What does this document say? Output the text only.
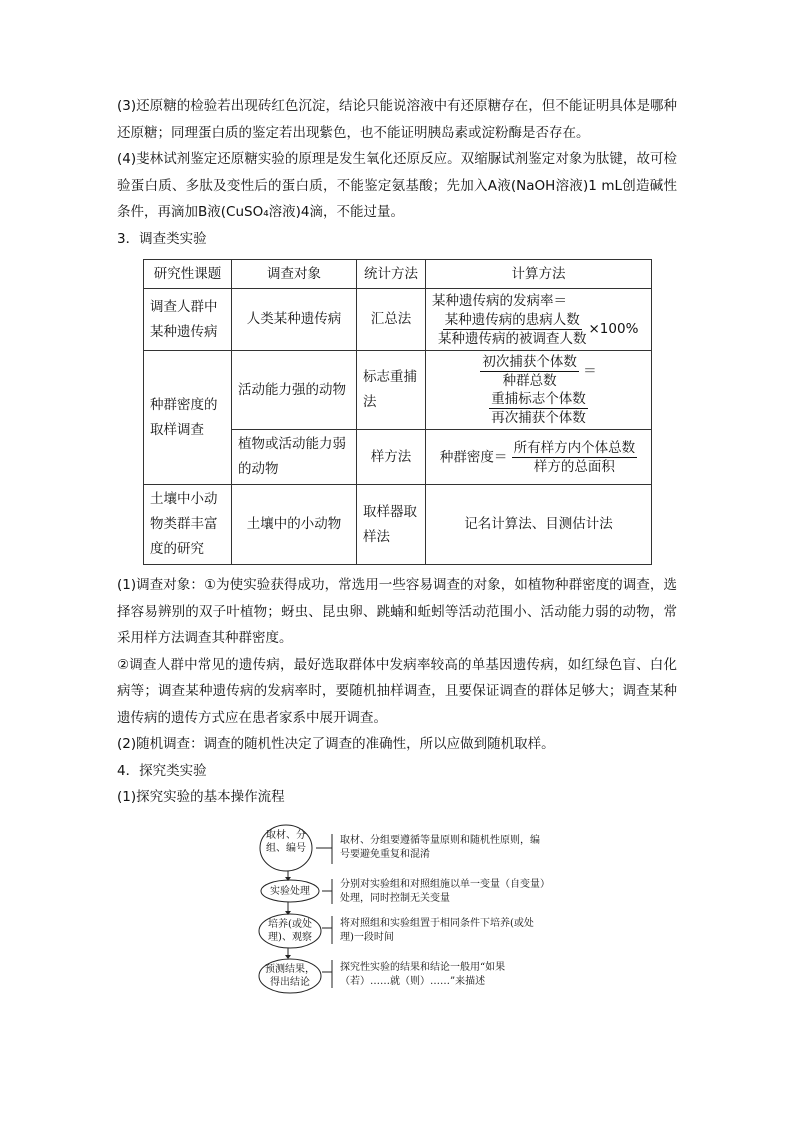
(3)还原糖的检验若出现砖红色沉淀，结论只能说溶液中有还原糖存在，但不能证明具体是哪种还原糖；同理蛋白质的鉴定若出现紫色，也不能证明胰岛素或淀粉酶是否存在。

(4)斐林试剂鉴定还原糖实验的原理是发生氧化还原反应。双缩脲试剂鉴定对象为肽键，故可检验蛋白质、多肽及变性后的蛋白质，不能鉴定氨基酸；先加入A液(NaOH溶液)1 mL创造碱性条件，再滴加B液(CuSO₄溶液)4滴，不能过量。

3．调查类实验

研究性课题	调查对象	统计方法	计算方法
调查人群中某种遗传病	人类某种遗传病	汇总法	某种遗传病的发病率＝
$\frac{\text{某种遗传病的患病人数}}{\text{某种遗传病的被调查人数}} \times 100\%$

种群密度的取样调查	活动能力强的动物	标志重捕法	$\frac{\text{初次捕获个体数}}{\text{种群总数}}$ ＝
$\frac{\text{重捕标志个体数}}{\text{再次捕获个体数}}$

	植物或活动能力弱的动物	样方法	种群密度＝ $\frac{\text{所有样方内个体总数}}{\text{样方的总面积}}$

土壤中小动物类群丰富度的研究	土壤中的小动物	取样器取样法	记名计算法、目测估计法

(1)调查对象：①为使实验获得成功，常选用一些容易调查的对象，如植物种群密度的调查，选择容易辨别的双子叶植物；蚜虫、昆虫卵、跳蝻和蚯蚓等活动范围小、活动能力弱的动物，常采用样方法调查其种群密度。

②调查人群中常见的遗传病，最好选取群体中发病率较高的单基因遗传病，如红绿色盲、白化病等；调查某种遗传病的发病率时，要随机抽样调查，且要保证调查的群体足够大；调查某种遗传病的遗传方式应在患者家系中展开调查。

(2)随机调查：调查的随机性决定了调查的准确性，所以应做到随机取样。

4．探究类实验

(1)探究实验的基本操作流程

取材、分组、编号
实验处理
培养(或处理)、观察
预测结果，得出结论
取材、分组要遵循等量原则和随机性原则，编号要避免重复和混淆
分别对实验组和对照组施以单一变量（自变量）处理，同时控制无关变量
将对照组和实验组置于相同条件下培养(或处理)一段时间
探究性实验的结果和结论一般用“如果（若）……就（则）……”来描述
